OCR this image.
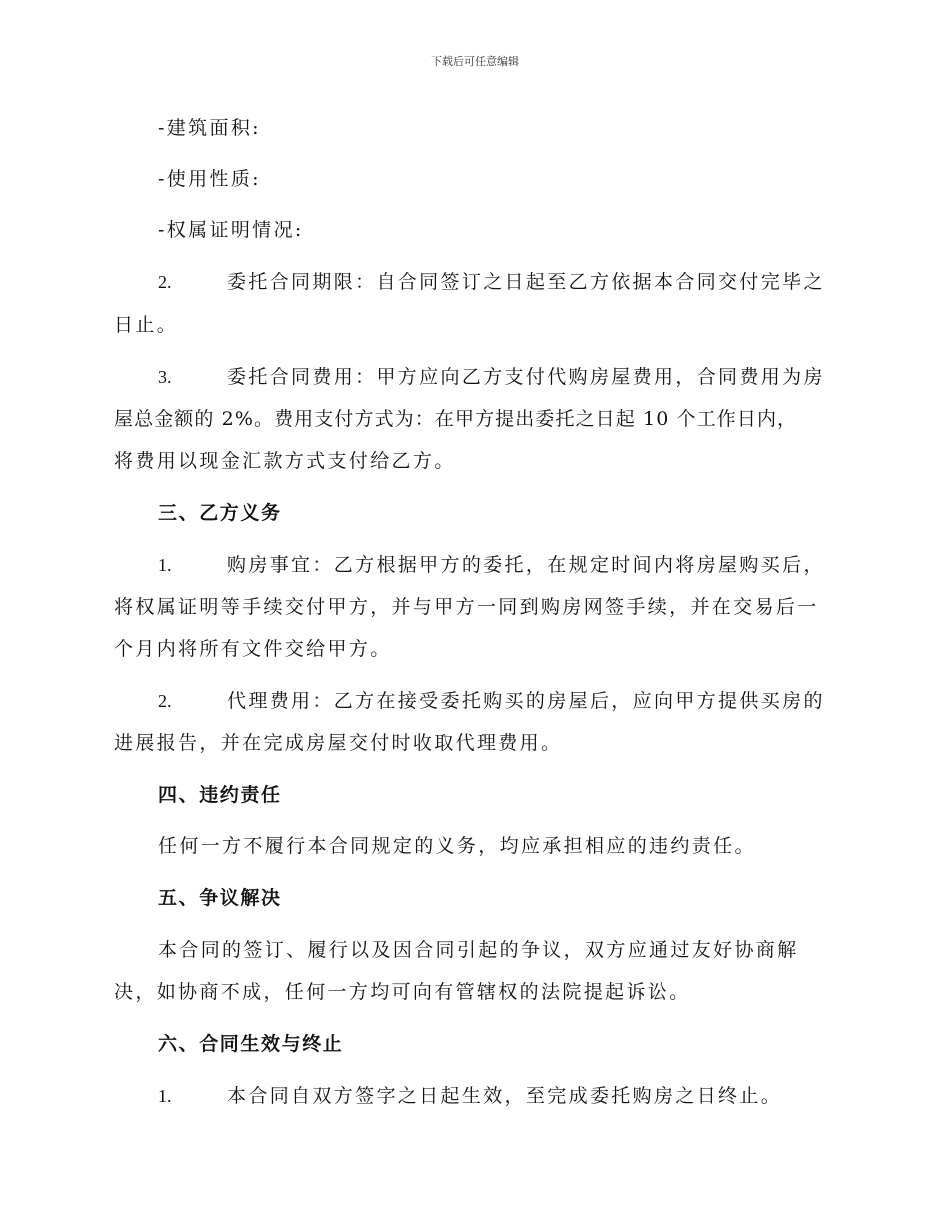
下载后可任意编辑
-建筑面积:
-使用性质:
-权属证明情况:
2.	委托合同期限：自合同签订之日起至乙方依据本合同交付完毕之
日止。
3.	委托合同费用：甲方应向乙方支付代购房屋费用，合同费用为房
屋总金额的 2%。费用支付方式为：在甲方提出委托之日起 10 个工作日内，
将费用以现金汇款方式支付给乙方。
三、乙方义务
1.	购房事宜：乙方根据甲方的委托，在规定时间内将房屋购买后，
将权属证明等手续交付甲方，并与甲方一同到购房网签手续，并在交易后一
个月内将所有文件交给甲方。
2.	代理费用：乙方在接受委托购买的房屋后，应向甲方提供买房的
进展报告，并在完成房屋交付时收取代理费用。
四、违约责任
任何一方不履行本合同规定的义务，均应承担相应的违约责任。
五、争议解决
本合同的签订、履行以及因合同引起的争议，双方应通过友好协商解
决，如协商不成，任何一方均可向有管辖权的法院提起诉讼。
六、合同生效与终止
1.	本合同自双方签字之日起生效，至完成委托购房之日终止。
